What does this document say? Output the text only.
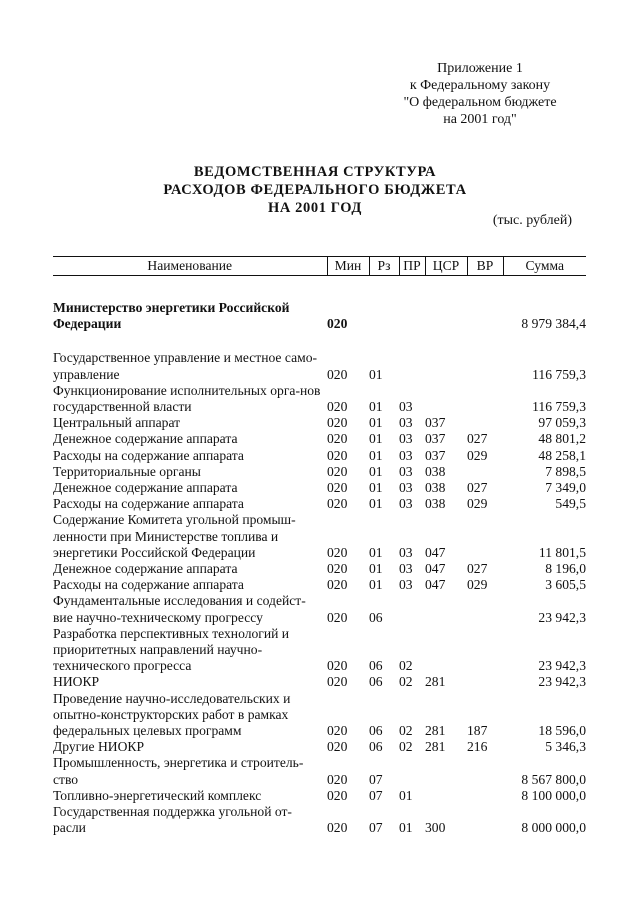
Приложение 1
к Федеральному закону
"О федеральном бюджете
на 2001 год"
ВЕДОМСТВЕННАЯ СТРУКТУРА
РАСХОДОВ ФЕДЕРАЛЬНОГО БЮДЖЕТА
НА 2001 ГОД
(тыс. рублей)
Наименование	Мин	Рз	ПР	ЦСР	ВР	Сумма

Министерство энергетики Российской Федерации	020					8 979 384,4

Государственное управление и местное само-управление	020	01				116 759,3
Функционирование исполнительных орга-нов государственной власти	020	01	03			116 759,3
Центральный аппарат	020	01	03	037		97 059,3
Денежное содержание аппарата	020	01	03	037	027	48 801,2
Расходы на содержание аппарата	020	01	03	037	029	48 258,1
Территориальные органы	020	01	03	038		7 898,5
Денежное содержание аппарата	020	01	03	038	027	7 349,0
Расходы на содержание аппарата	020	01	03	038	029	549,5
Содержание Комитета угольной промыш-ленности при Министерстве топлива и энергетики Российской Федерации	020	01	03	047		11 801,5
Денежное содержание аппарата	020	01	03	047	027	8 196,0
Расходы на содержание аппарата	020	01	03	047	029	3 605,5
Фундаментальные исследования и содейст-вие научно-техническому прогрессу	020	06				23 942,3
Разработка перспективных технологий и приоритетных направлений научно-технического прогресса	020	06	02			23 942,3
НИОКР	020	06	02	281		23 942,3
Проведение научно-исследовательских и опытно-конструкторских работ в рамках федеральных целевых программ	020	06	02	281	187	18 596,0
Другие НИОКР	020	06	02	281	216	5 346,3
Промышленность, энергетика и строитель-ство	020	07				8 567 800,0
Топливно-энергетический комплекс	020	07	01			8 100 000,0
Государственная поддержка угольной от-расли	020	07	01	300		8 000 000,0
